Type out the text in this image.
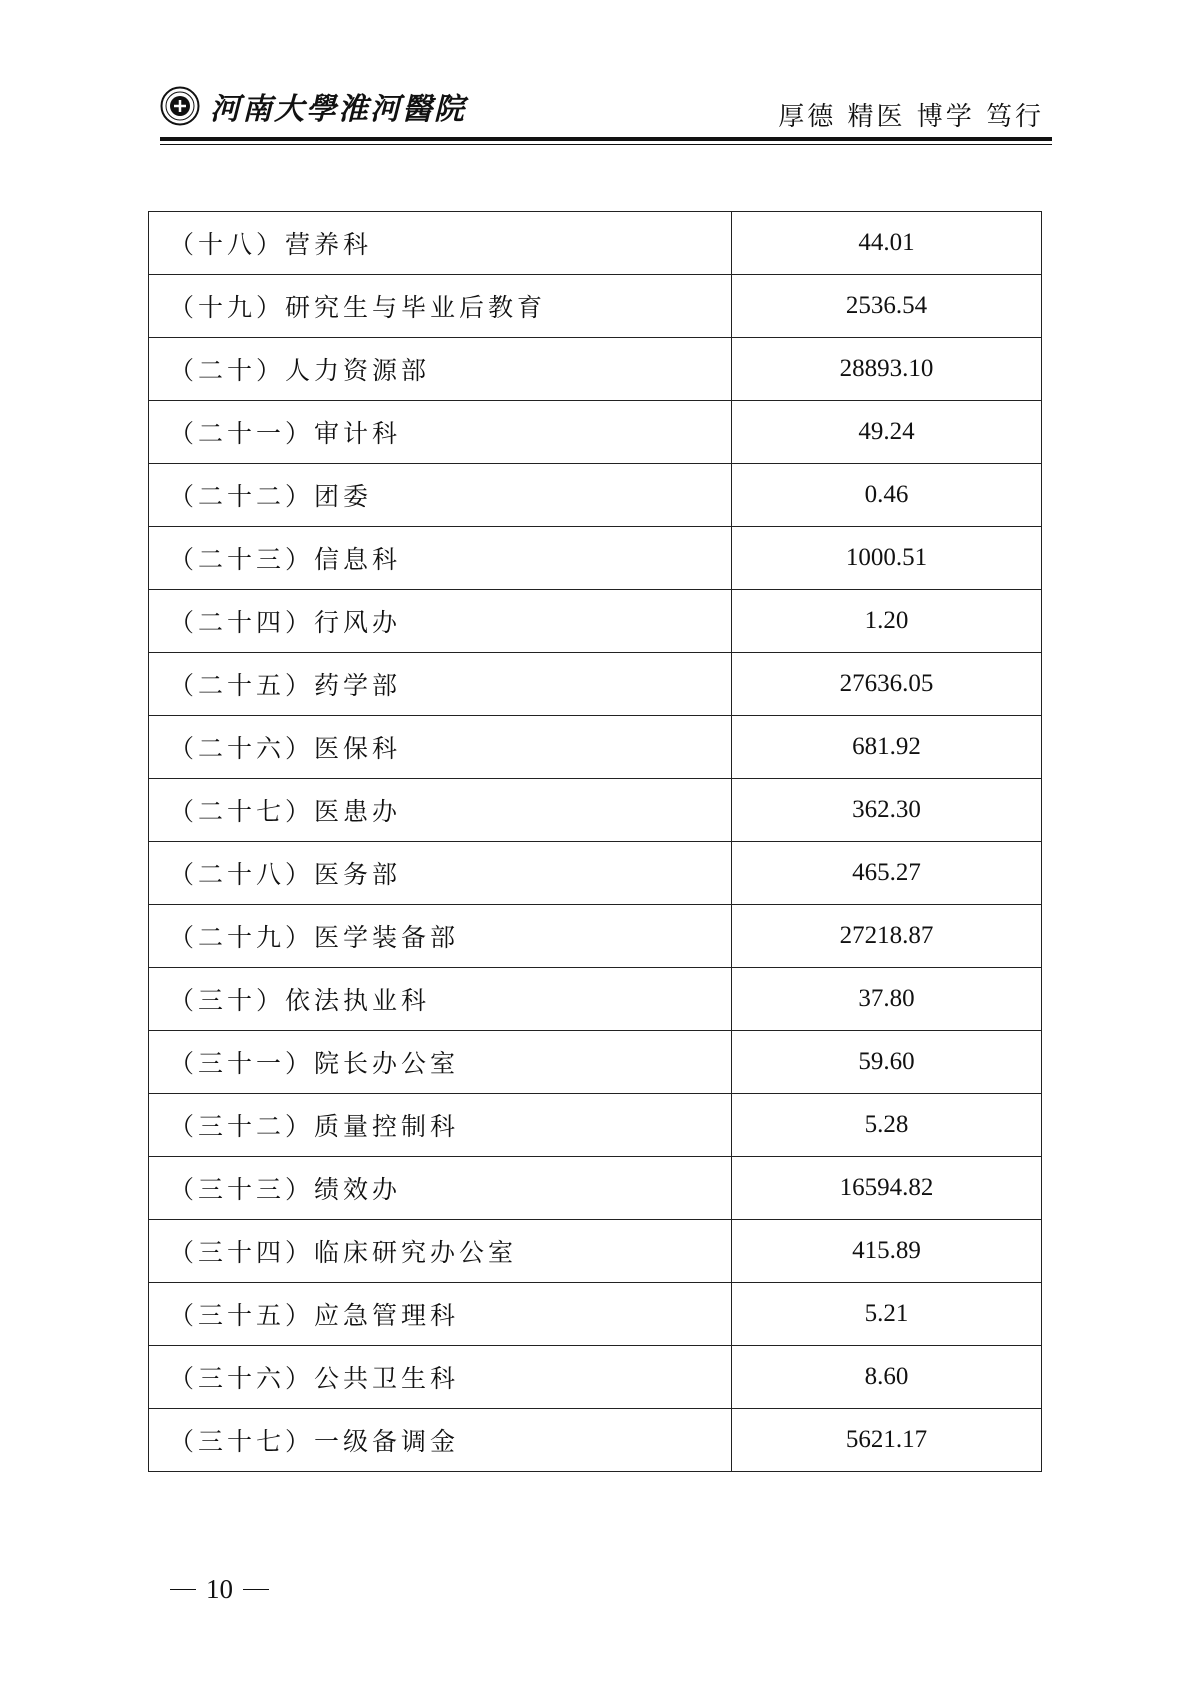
河南大學淮河醫院	厚德 精医 博学 笃行
（十八）营养科	44.01
（十九）研究生与毕业后教育	2536.54
（二十）人力资源部	28893.10
（二十一）审计科	49.24
（二十二）团委	0.46
（二十三）信息科	1000.51
（二十四）行风办	1.20
（二十五）药学部	27636.05
（二十六）医保科	681.92
（二十七）医患办	362.30
（二十八）医务部	465.27
（二十九）医学装备部	27218.87
（三十）依法执业科	37.80
（三十一）院长办公室	59.60
（三十二）质量控制科	5.28
（三十三）绩效办	16594.82
（三十四）临床研究办公室	415.89
（三十五）应急管理科	5.21
（三十六）公共卫生科	8.60
（三十七）一级备调金	5621.17
10
